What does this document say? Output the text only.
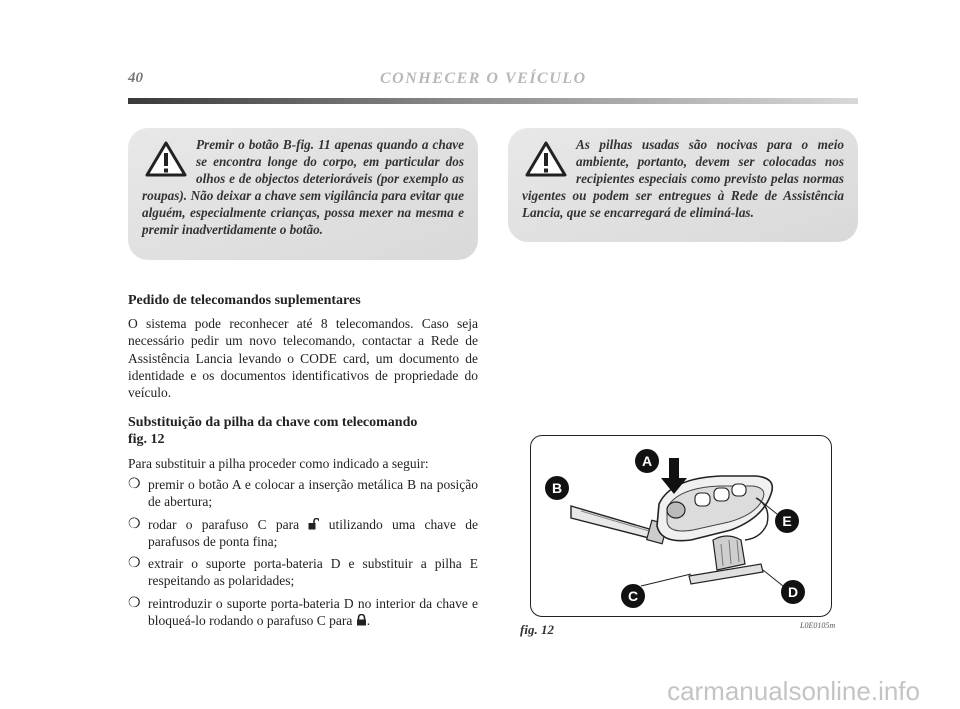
40	CONHECER O VEÍCULO
Premir o botão B-fig. 11 apenas quando a chave se encontra longe do corpo, em particular dos olhos e de objectos deterioráveis (por exemplo as roupas). Não deixar a chave sem vigilância para evitar que alguém, especialmente crianças, possa mexer na mesma e premir inadvertidamente o botão.
As pilhas usadas são nocivas para o meio ambiente, portanto, devem ser colocadas nos recipientes especiais como previsto pelas normas vigentes ou podem ser entregues à Rede de Assistência Lancia, que se encarregará de eliminá-las.
Pedido de telecomandos suplementares
O sistema pode reconhecer até 8 telecomandos. Caso seja necessário pedir um novo telecomando, contactar a Rede de Assistência Lancia levando o CODE card, um documento de identidade e os documentos identificativos de propriedade do veículo.
Substituição da pilha da chave com telecomando
fig. 12
Para substituir a pilha proceder como indicado a seguir:
❍ premir o botão A e colocar a inserção metálica B na posição de abertura;
❍ rodar o parafuso C para utilizando uma chave de parafusos de ponta fina;
❍ extrair o suporte porta-bateria D e substituir a pilha E respeitando as polaridades;
❍ reintroduzir o suporte porta-bateria D no interior da chave e bloqueá-lo rodando o parafuso C para .
A
B
C	D
E
fig. 12	L0E0105m
carmanualsonline.info
